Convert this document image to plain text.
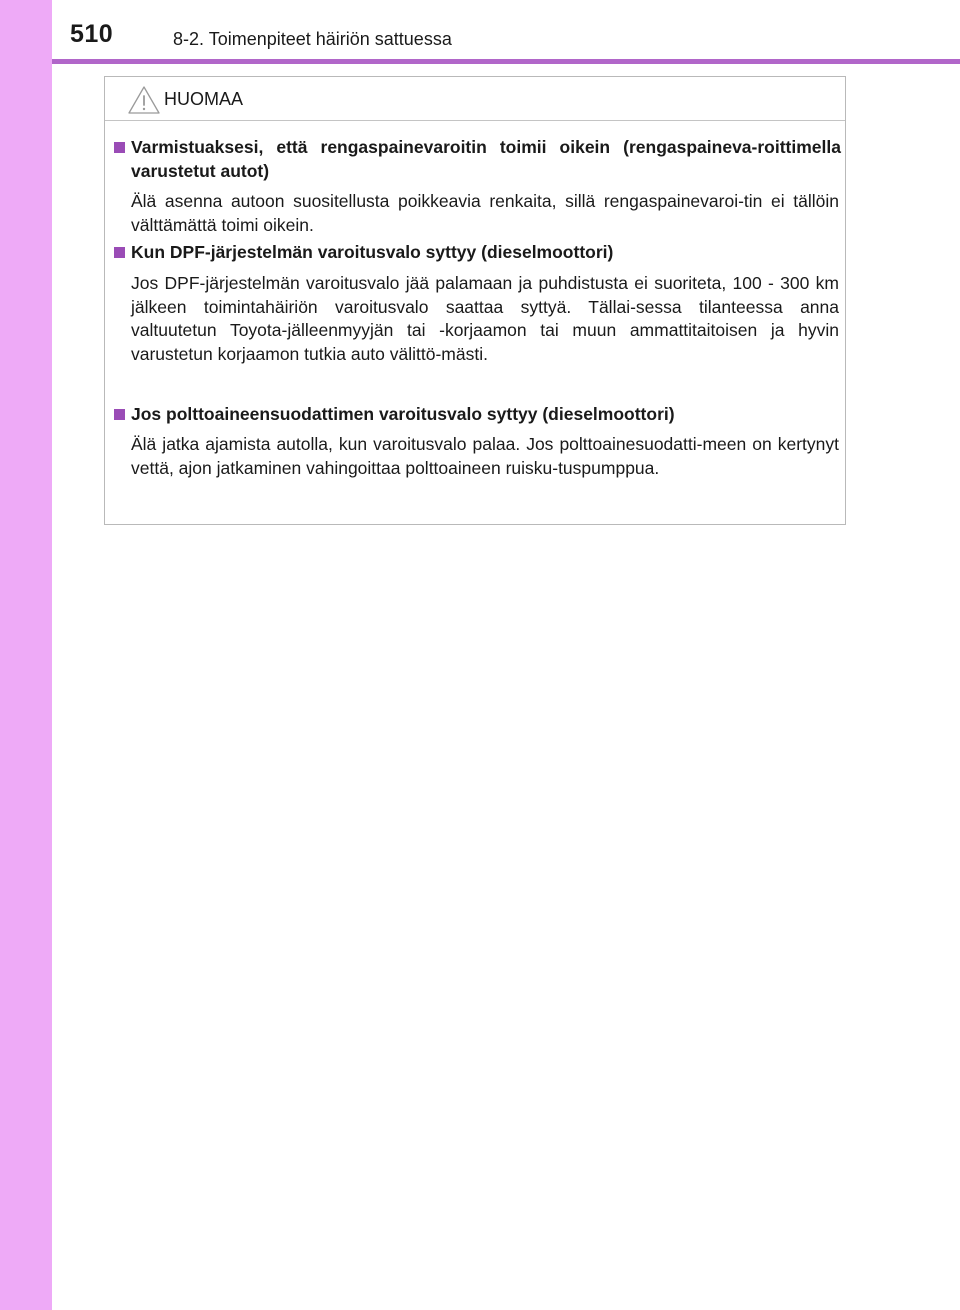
510	8-2. Toimenpiteet häiriön sattuessa
HUOMAA
Varmistuaksesi, että rengaspainevaroitin toimii oikein (rengaspaineva-roittimella varustetut autot)
Älä asenna autoon suositellusta poikkeavia renkaita, sillä rengaspainevaroi-tin ei tällöin välttämättä toimi oikein.
Kun DPF-järjestelmän varoitusvalo syttyy (dieselmoottori)
Jos DPF-järjestelmän varoitusvalo jää palamaan ja puhdistusta ei suoriteta, 100 - 300 km jälkeen toimintahäiriön varoitusvalo saattaa syttyä. Tällai-sessa tilanteessa anna valtuutetun Toyota-jälleenmyyjän tai -korjaamon tai muun ammattitaitoisen ja hyvin varustetun korjaamon tutkia auto välittö-mästi.
Jos polttoaineensuodattimen varoitusvalo syttyy (dieselmoottori)
Älä jatka ajamista autolla, kun varoitusvalo palaa. Jos polttoainesuodatti-meen on kertynyt vettä, ajon jatkaminen vahingoittaa polttoaineen ruisku-tuspumppua.
